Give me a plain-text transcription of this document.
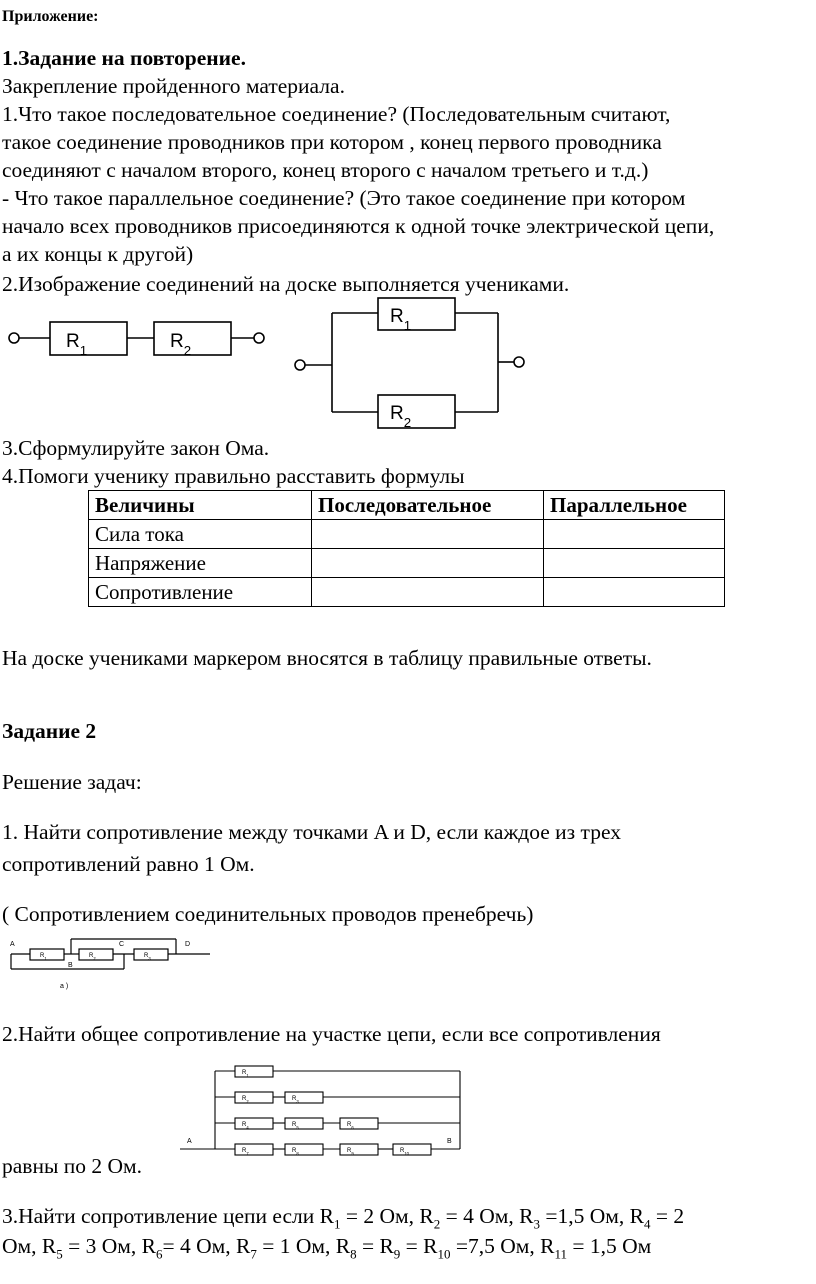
Приложение:
1.Задание на повторение.
Закрепление пройденного материала.
1.Что такое последовательное соединение? (Последовательным считают,
такое соединение проводников при котором , конец первого проводника
соединяют с началом второго, конец второго с началом третьего и т.д.)
- Что такое параллельное соединение? (Это такое соединение при котором
начало всех проводников присоединяются к одной точке электрической цепи,
а их концы к другой)
2.Изображение соединений на доске выполняется учениками.
$R_1$	$R_2$
$R_1$
$R_2$
3.Сформулируйте закон Ома.
4.Помоги ученику правильно расставить формулы
Величины	Последовательное	Параллельное
Сила тока		
Напряжение		
Сопротивление		
На доске учениками маркером вносятся в таблицу правильные ответы.
Задание 2
Решение задач:
1. Найти сопротивление между точками A и D, если каждое из трех
сопротивлений равно 1 Ом.
( Сопротивлением соединительных проводов пренебречь)
A
B
C	D
$R_1$	$R_2$	$R_3$
а )
2.Найти общее сопротивление на участке цепи, если все сопротивления
A	B
$R_1$
$R_2$	$R_3$
$R_4$	$R_5$	$R_6$
$R_7$	$R_8$	$R_9$	$R_{10}$
равны по 2 Ом.
3.Найти сопротивление цепи если $R_1 = 2$ Ом, $R_2 = 4$ Ом, $R_3 =1,5$ Ом, $R_4 = 2$
Ом, $R_5 = 3$ Ом, $R_6= 4$ Ом, $R_7 = 1$ Ом, $R_8 = R_9 = R_{10} =7,5$ Ом, $R_{11} = 1,5$ Ом
